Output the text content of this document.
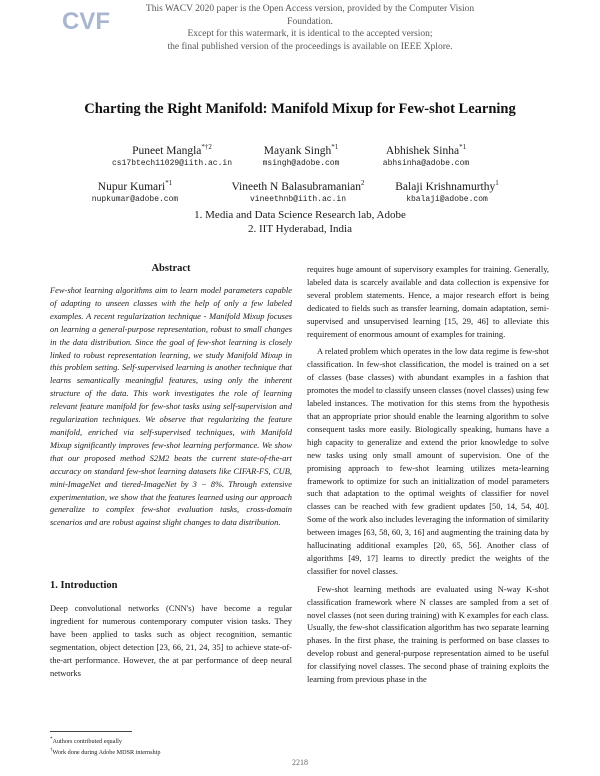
CVF	This WACV 2020 paper is the Open Access version, provided by the Computer Vision Foundation.
Except for this watermark, it is identical to the accepted version;
the final published version of the proceedings is available on IEEE Xplore.
Charting the Right Manifold: Manifold Mixup for Few-shot Learning
Puneet Mangla$^{*\dagger 2}$
cs17btech11029@iith.ac.in
Mayank Singh$^{*1}$
msingh@adobe.com
Abhishek Sinha$^{*1}$
abhsinha@adobe.com
Nupur Kumari$^{*1}$
nupkumar@adobe.com
Vineeth N Balasubramanian$^2$
vineethnb@iith.ac.in
Balaji Krishnamurthy$^1$
kbalaji@adobe.com
1. Media and Data Science Research lab, Adobe
2. IIT Hyderabad, India
Abstract
Few-shot learning algorithms aim to learn model parameters capable of adapting to unseen classes with the help of only a few labeled examples. A recent regularization technique - Manifold Mixup focuses on learning a general-purpose representation, robust to small changes in the data distribution. Since the goal of few-shot learning is closely linked to robust representation learning, we study Manifold Mixup in this problem setting. Self-supervised learning is another technique that learns semantically meaningful features, using only the inherent structure of the data. This work investigates the role of learning relevant feature manifold for few-shot tasks using self-supervision and regularization techniques. We observe that regularizing the feature manifold, enriched via self-supervised techniques, with Manifold Mixup significantly improves few-shot learning performance. We show that our proposed method S2M2 beats the current state-of-the-art accuracy on standard few-shot learning datasets like CIFAR-FS, CUB, mini-ImageNet and tiered-ImageNet by 3 − 8%. Through extensive experimentation, we show that the features learned using our approach generalize to complex few-shot evaluation tasks, cross-domain scenarios and are robust against slight changes to data distribution.
1. Introduction
Deep convolutional networks (CNN's) have become a regular ingredient for numerous contemporary computer vision tasks. They have been applied to tasks such as object recognition, semantic segmentation, object detection [23, 66, 21, 24, 35] to achieve state-of-the-art performance. However, the at par performance of deep neural networks
*Authors contributed equally
†Work done during Adobe MDSR internship

requires huge amount of supervisory examples for training. Generally, labeled data is scarcely available and data collection is expensive for several problem statements. Hence, a major research effort is being dedicated to fields such as transfer learning, domain adaptation, semi-supervised and unsupervised learning [15, 29, 46] to alleviate this requirement of enormous amount of examples for training.

A related problem which operates in the low data regime is few-shot classification. In few-shot classification, the model is trained on a set of classes (base classes) with abundant examples in a fashion that promotes the model to classify unseen classes (novel classes) using few labeled instances. The motivation for this stems from the hypothesis that an appropriate prior should enable the learning algorithm to solve consequent tasks more easily. Biologically speaking, humans have a high capacity to generalize and extend the prior knowledge to solve new tasks using only small amount of supervision. One of the promising approach to few-shot learning utilizes meta-learning framework to optimize for such an initialization of model parameters such that adaptation to the optimal weights of classifier for novel classes can be reached with few gradient updates [50, 14, 54, 40]. Some of the work also includes leveraging the information of similarity between images [63, 58, 60, 3, 16] and augmenting the training data by hallucinating additional examples [20, 65, 56]. Another class of algorithms [49, 17] learns to directly predict the weights of the classifier for novel classes.

Few-shot learning methods are evaluated using N-way K-shot classification framework where N classes are sampled from a set of novel classes (not seen during training) with K examples for each class. Usually, the few-shot classification algorithm has two separate learning phases. In the first phase, the training is performed on base classes to develop robust and general-purpose representation aimed to be useful for classifying novel classes. The second phase of training exploits the learning from previous phase in the

2218
